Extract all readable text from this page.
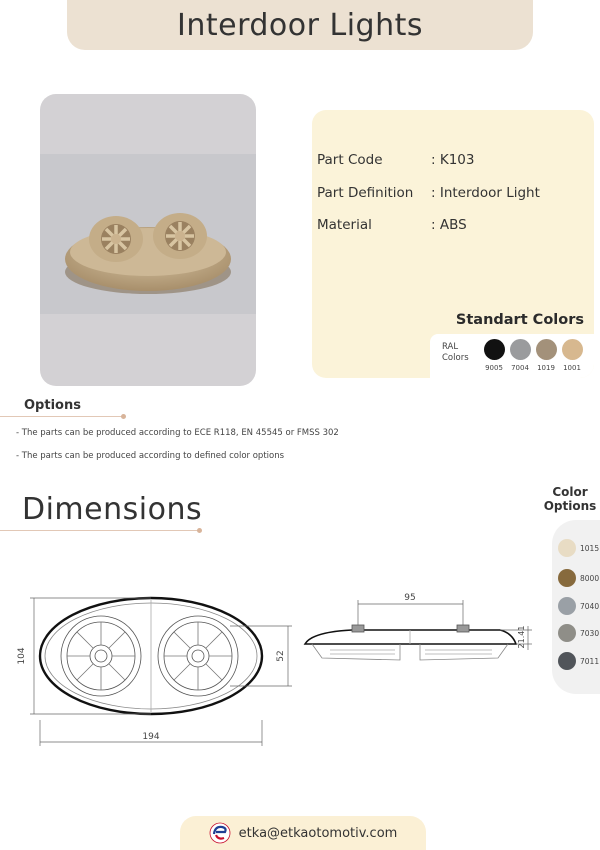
Interdoor Lights
Part Code	: K103
Part Definition : Interdoor Light
Material	: ABS
Standart Colors
RAL
Colors
9005	7004	1019	1001
Options
- The parts can be produced according to ECE R118, EN 45545 or FMSS 302
- The parts can be produced according to defined color options
Dimensions	Color
Options
1015
8000
7040
7030
7011
104
194
52
95
21.41
etka@etkaotomotiv.com
